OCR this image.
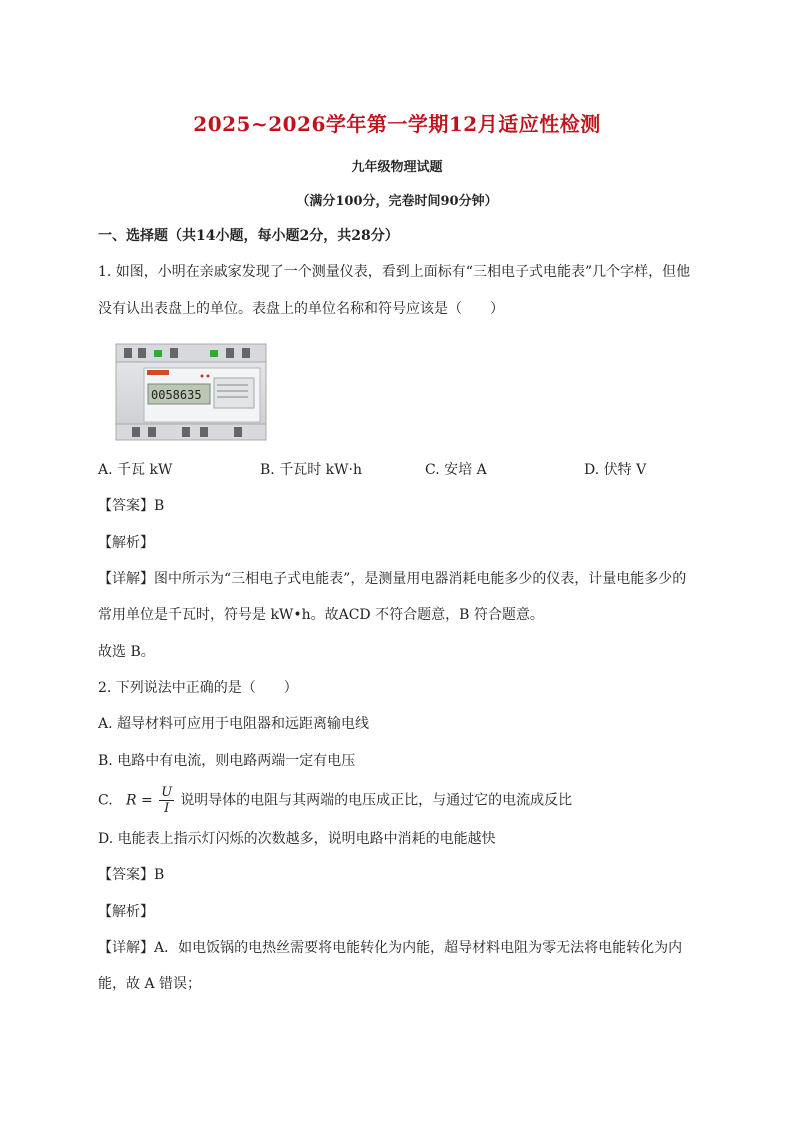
2025~2026学年第一学期12月适应性检测
九年级物理试题
（满分100分，完卷时间90分钟）
一、选择题（共14小题，每小题2分，共28分）
1. 如图，小明在亲戚家发现了一个测量仪表，看到上面标有“三相电子式电能表”几个字样，但他
没有认出表盘上的单位。表盘上的单位名称和符号应该是（　　）
0058635
A. 千瓦 kW	B. 千瓦时 kW·h	C. 安培 A	D. 伏特 V
【答案】B
【解析】
【详解】图中所示为“三相电子式电能表”，是测量用电器消耗电能多少的仪表，计量电能多少的
常用单位是千瓦时，符号是 kW•h。故ACD 不符合题意，B 符合题意。
故选 B。
2. 下列说法中正确的是（　　）
A. 超导材料可应用于电阻器和远距离输电线
B. 电路中有电流，则电路两端一定有电压
C. $R = \frac{U}{I}$ 说明导体的电阻与其两端的电压成正比，与通过它的电流成反比
D. 电能表上指示灯闪烁的次数越多，说明电路中消耗的电能越快
【答案】B
【解析】
【详解】A．如电饭锅的电热丝需要将电能转化为内能，超导材料电阻为零无法将电能转化为内
能，故 A 错误；
